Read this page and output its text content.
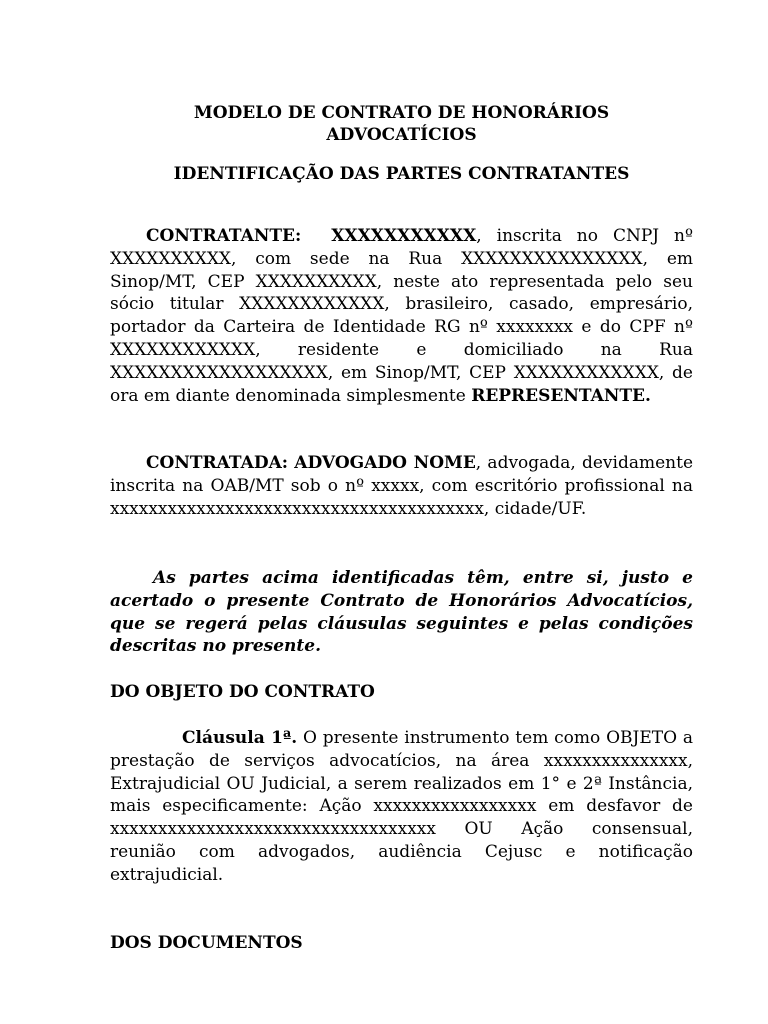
MODELO DE CONTRATO DE HONORÁRIOS
ADVOCATÍCIOS
IDENTIFICAÇÃO DAS PARTES CONTRATANTES

CONTRATANTE: XXXXXXXXXXX, inscrita no CNPJ nº XXXXXXXXXX, com sede na Rua XXXXXXXXXXXXXXX, em Sinop/MT, CEP XXXXXXXXXX, neste ato representada pelo seu sócio titular XXXXXXXXXXXX, brasileiro, casado, empresário, portador da Carteira de Identidade RG nº xxxxxxxx e do CPF nº XXXXXXXXXXXX, residente e domiciliado na Rua XXXXXXXXXXXXXXXXXX, em Sinop/MT, CEP XXXXXXXXXXXX, de ora em diante denominada simplesmente REPRESENTANTE.

CONTRATADA: ADVOGADO NOME, advogada, devidamente inscrita na OAB/MT sob o nº xxxxx, com escritório profissional na xxxxxxxxxxxxxxxxxxxxxxxxxxxxxxxxxxxxxxx, cidade/UF.

As partes acima identificadas têm, entre si, justo e acertado o presente Contrato de Honorários Advocatícios, que se regerá pelas cláusulas seguintes e pelas condições descritas no presente.

DO OBJETO DO CONTRATO

Cláusula 1ª. O presente instrumento tem como OBJETO a prestação de serviços advocatícios, na área xxxxxxxxxxxxxxx, Extrajudicial OU Judicial, a serem realizados em 1° e 2ª Instância, mais especificamente: Ação xxxxxxxxxxxxxxxxx em desfavor de xxxxxxxxxxxxxxxxxxxxxxxxxxxxxxxxxx OU Ação consensual, reunião com advogados, audiência Cejusc e notificação extrajudicial.

DOS DOCUMENTOS
